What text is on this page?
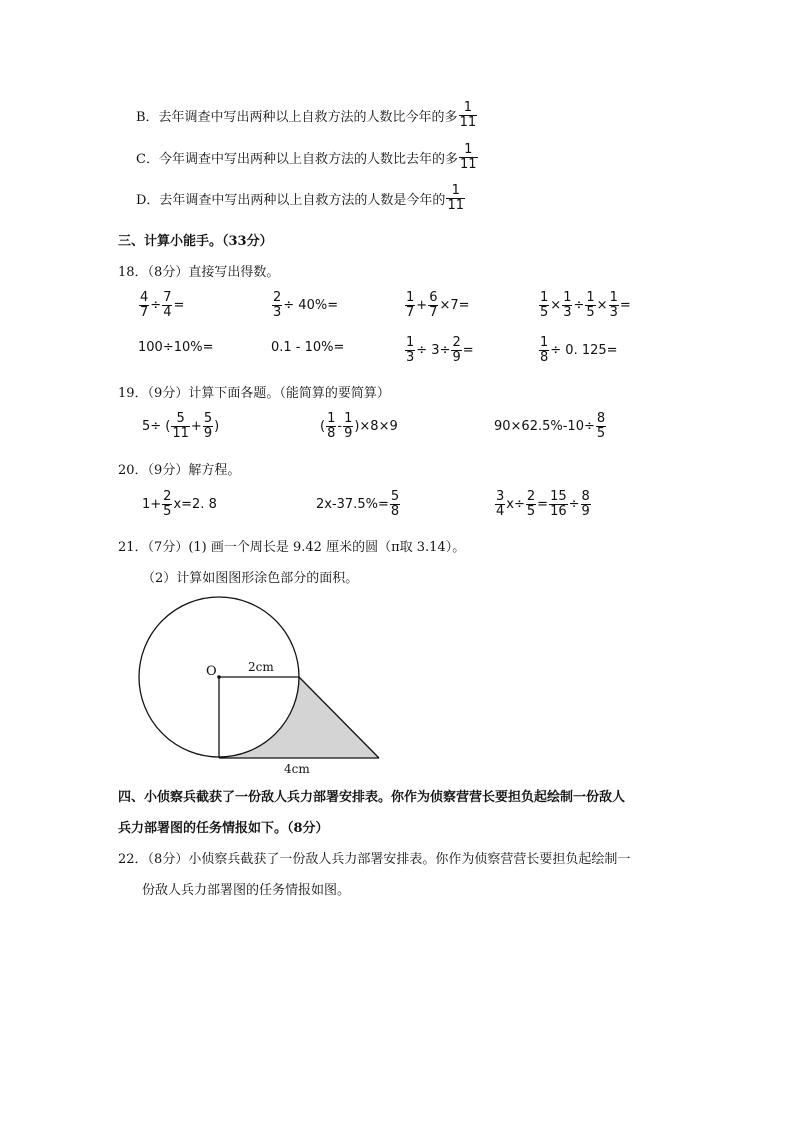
B．去年调查中写出两种以上自救方法的人数比今年的多 $\frac{1}{11}$
C．今年调查中写出两种以上自救方法的人数比去年的多 $\frac{1}{11}$
D．去年调查中写出两种以上自救方法的人数是今年的 $\frac{1}{11}$
三、计算小能手。（33分）
18．（8分）直接写出得数。
$\frac{4}{7} \div \frac{7}{4}$ =	$\frac{2}{3} \div 40\%=$	$\frac{1}{7} + \frac{6}{7} \times 7=$	$\frac{1}{5} \times \frac{1}{3} \div \frac{1}{5} \times \frac{1}{3}$ =
100÷10%=	0.1 - 10%=	$\frac{1}{3} \div 3\div \frac{2}{9}$ =	$\frac{1}{8} \div 0$. 125=
19．（9分）计算下面各题。（能简算的要简算）
5÷ ( $\frac{5}{11} + \frac{5}{9}$ )	( $\frac{1}{8} - \frac{1}{9} )\times 8\times 9$	$90\times 62.5\%-10\div \frac{8}{5}$
20．（9分）解方程。
$1+ \frac{2}{5} x=2$. 8	$2x-37.5\%= \frac{5}{8}$	$\frac{3}{4} x\div \frac{2}{5} = \frac{15}{16} \div \frac{8}{9}$
21．（7分）(1) 画一个周长是 9.42 厘米的圆（π取 3.14）。
（2）计算如图图形涂色部分的面积。
O	2cm
4cm
四、小侦察兵截获了一份敌人兵力部署安排表。你作为侦察营营长要担负起绘制一份敌人
兵力部署图的任务情报如下。（8分）
22．（8分）小侦察兵截获了一份敌人兵力部署安排表。你作为侦察营营长要担负起绘制一
份敌人兵力部署图的任务情报如图。
